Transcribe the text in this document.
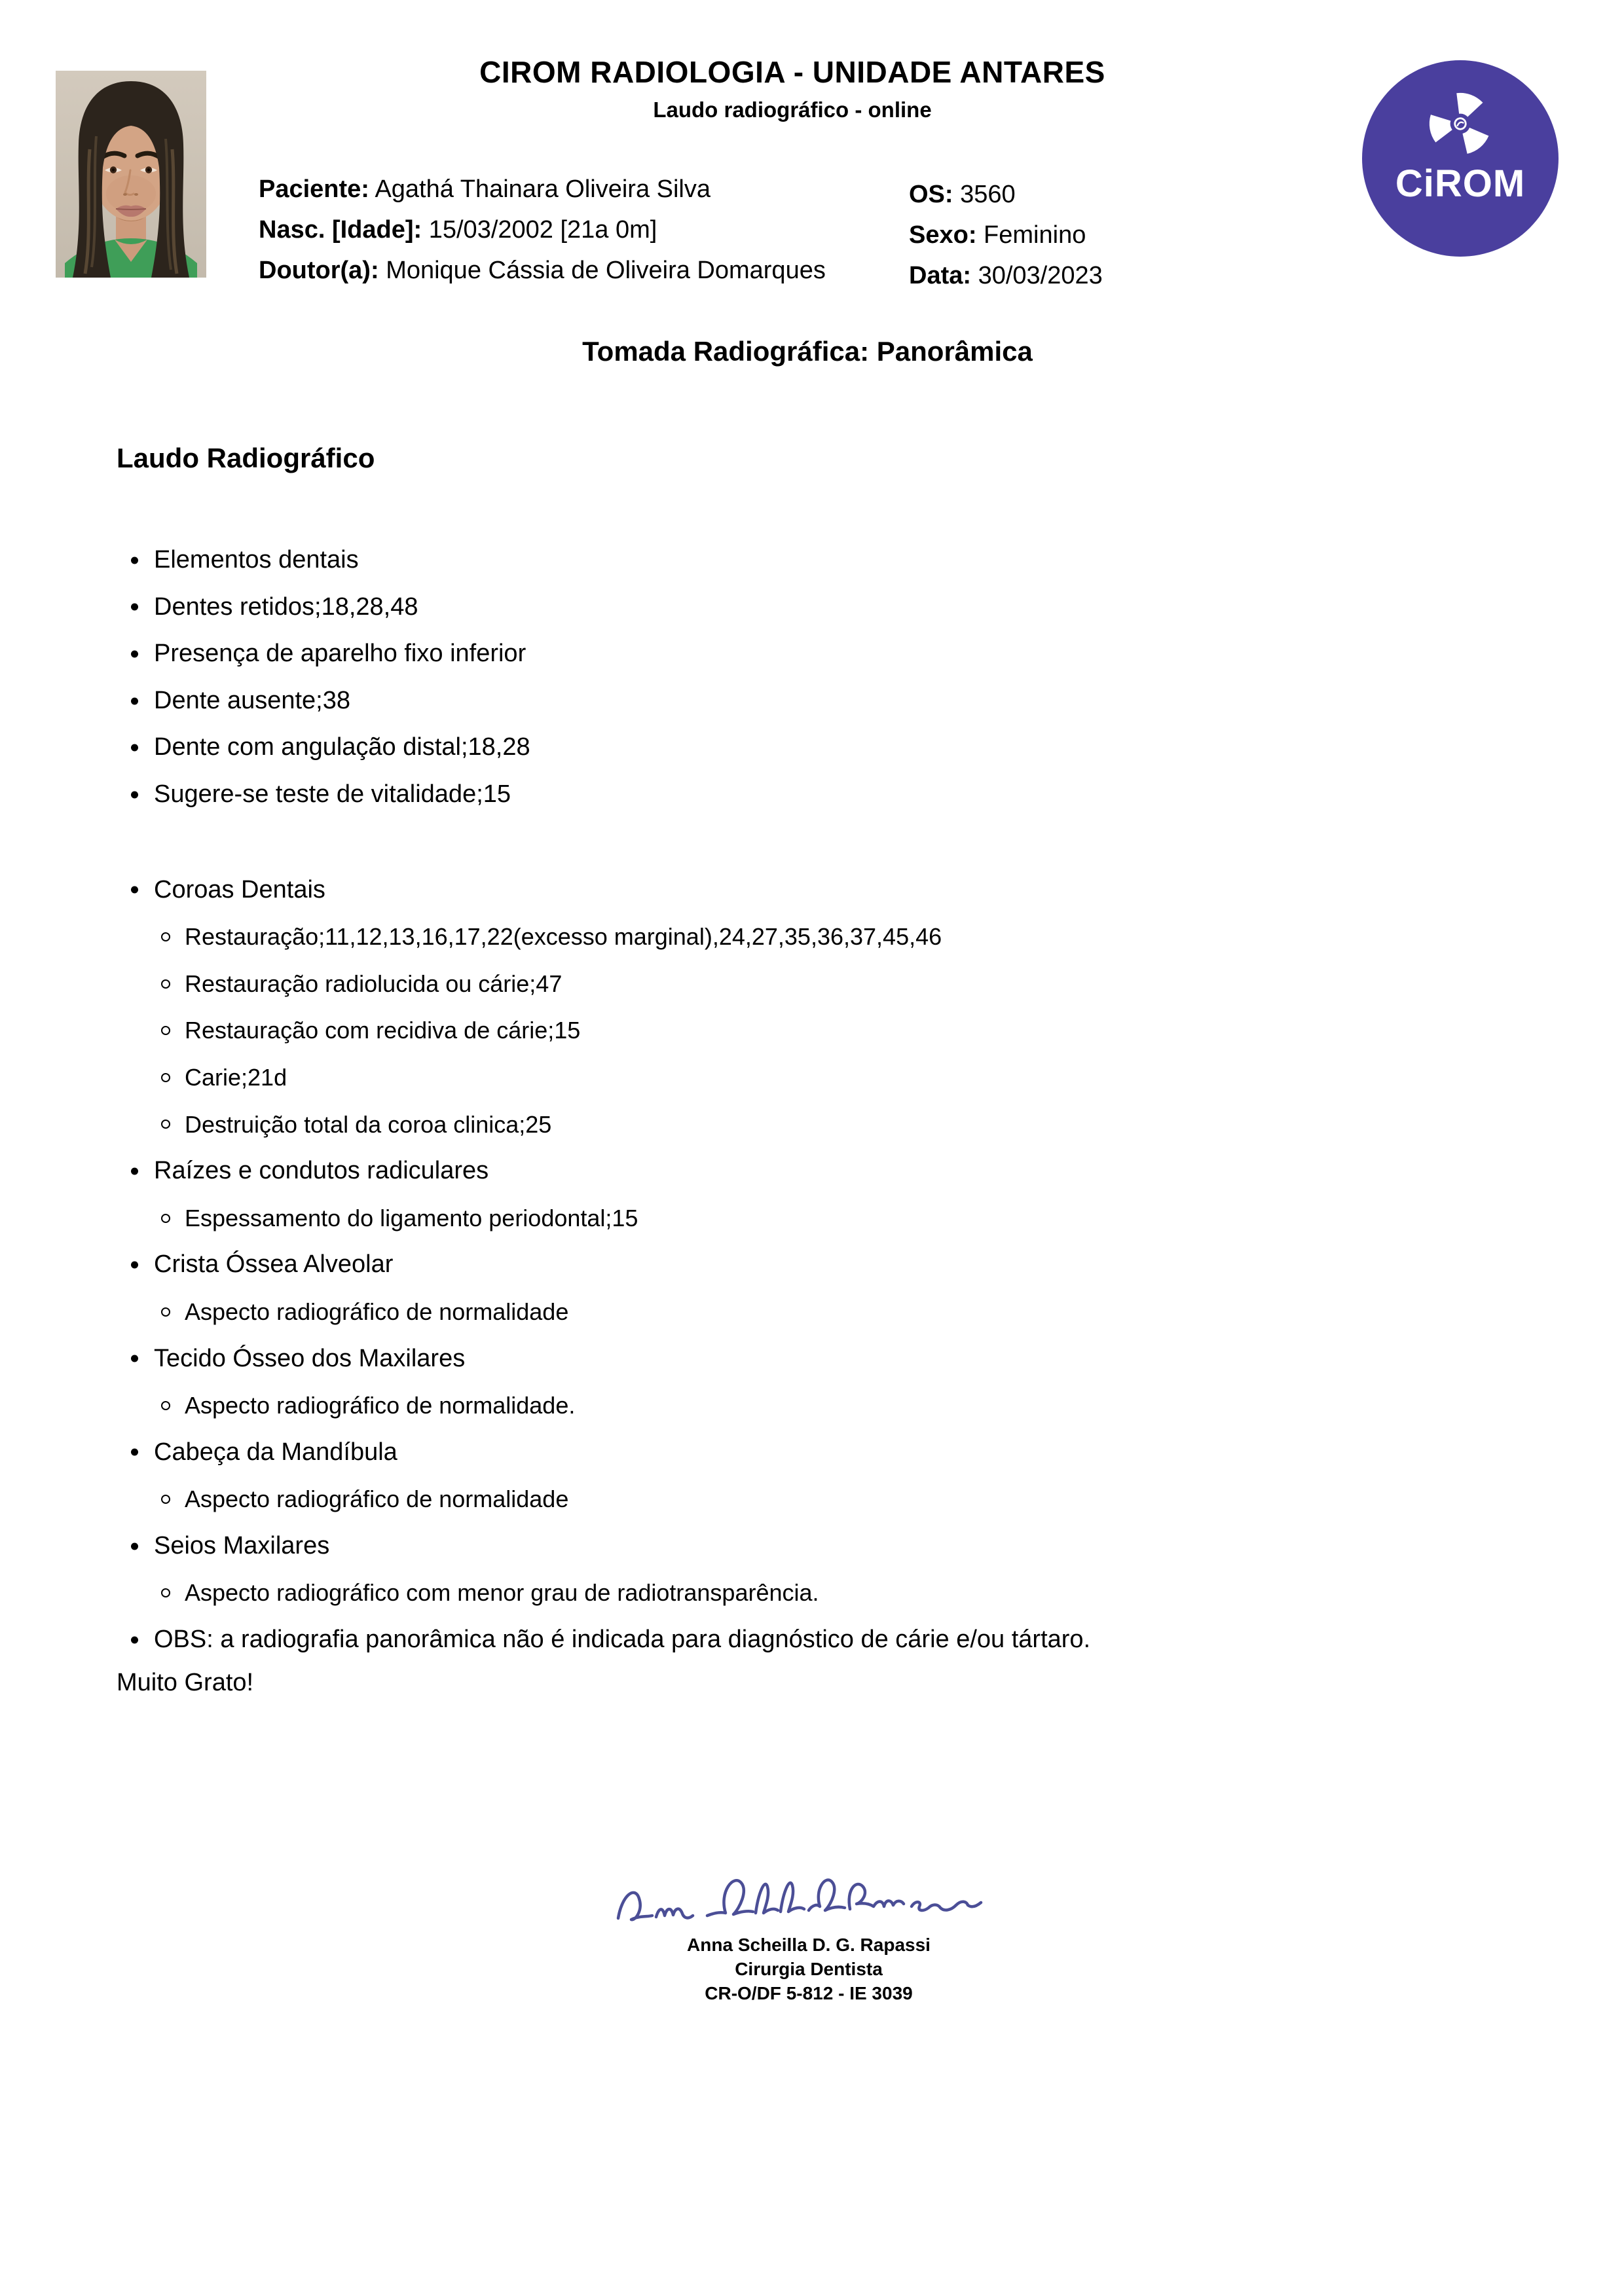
CIROM RADIOLOGIA - UNIDADE ANTARES
Laudo radiográfico - online
CiROM
Paciente: Agathá Thainara Oliveira Silva
Nasc. [Idade]: 15/03/2002 [21a 0m]
Doutor(a): Monique Cássia de Oliveira Domarques
OS: 3560
Sexo: Feminino
Data: 30/03/2023
Tomada Radiográfica: Panorâmica
Laudo Radiográfico
Elementos dentais
Dentes retidos;18,28,48
Presença de aparelho fixo inferior
Dente ausente;38
Dente com angulação distal;18,28
Sugere-se teste de vitalidade;15
Coroas Dentais
Restauração;11,12,13,16,17,22(excesso marginal),24,27,35,36,37,45,46
Restauração radiolucida ou cárie;47
Restauração com recidiva de cárie;15
Carie;21d
Destruição total da coroa clinica;25
Raízes e condutos radiculares
Espessamento do ligamento periodontal;15
Crista Óssea Alveolar
Aspecto radiográfico de normalidade
Tecido Ósseo dos Maxilares
Aspecto radiográfico de normalidade.
Cabeça da Mandíbula
Aspecto radiográfico de normalidade
Seios Maxilares
Aspecto radiográfico com menor grau de radiotransparência.
OBS: a radiografia panorâmica não é indicada para diagnóstico de cárie e/ou tártaro.

Muito Grato!

Anna Scheilla D. G. Rapassi
Cirurgia Dentista
CR-O/DF 5-812 - IE 3039
